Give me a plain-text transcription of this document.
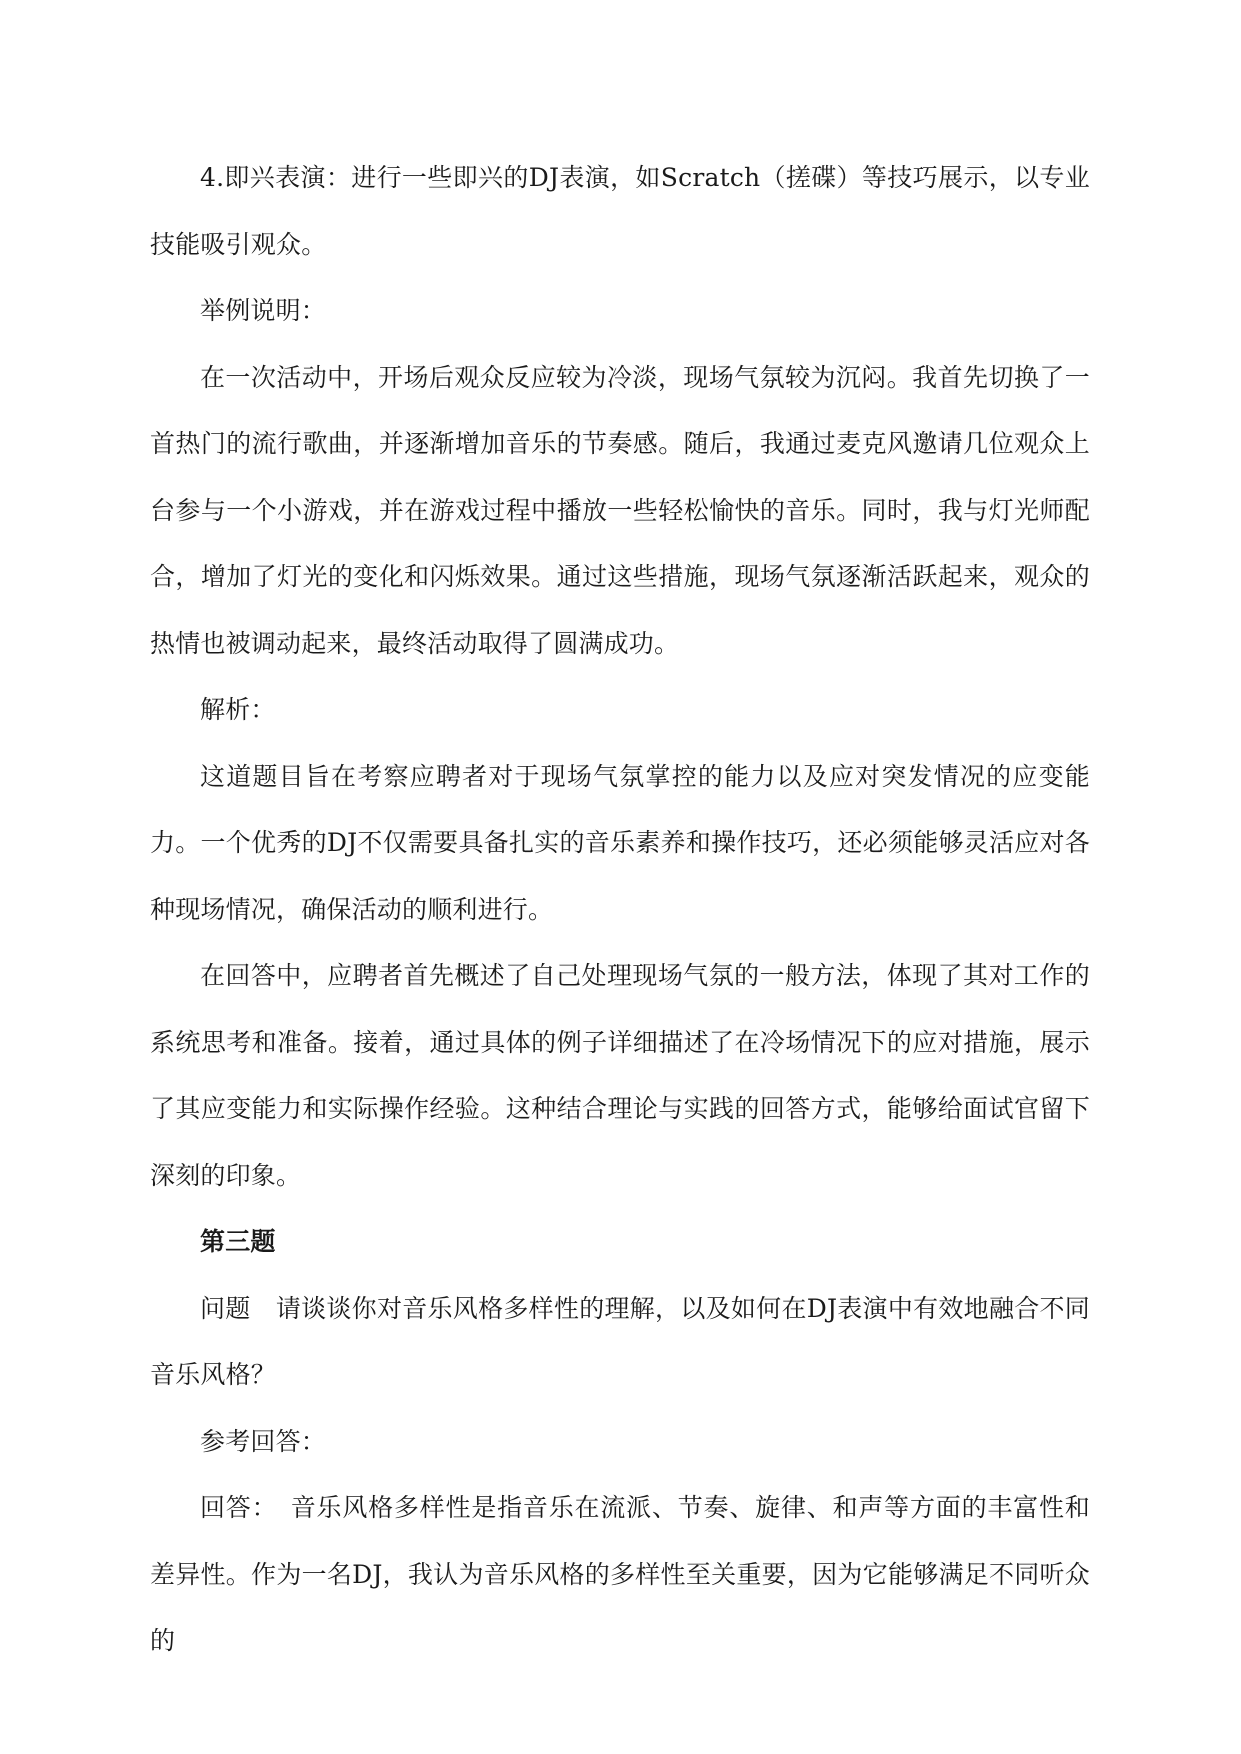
4.即兴表演：进行一些即兴的DJ表演，如Scratch（搓碟）等技巧展示，以专业技能吸引观众。

举例说明：

在一次活动中，开场后观众反应较为冷淡，现场气氛较为沉闷。我首先切换了一首热门的流行歌曲，并逐渐增加音乐的节奏感。随后，我通过麦克风邀请几位观众上台参与一个小游戏，并在游戏过程中播放一些轻松愉快的音乐。同时，我与灯光师配合，增加了灯光的变化和闪烁效果。通过这些措施，现场气氛逐渐活跃起来，观众的热情也被调动起来，最终活动取得了圆满成功。

解析：

这道题目旨在考察应聘者对于现场气氛掌控的能力以及应对突发情况的应变能力。一个优秀的DJ不仅需要具备扎实的音乐素养和操作技巧，还必须能够灵活应对各种现场情况，确保活动的顺利进行。

在回答中，应聘者首先概述了自己处理现场气氛的一般方法，体现了其对工作的系统思考和准备。接着，通过具体的例子详细描述了在冷场情况下的应对措施，展示了其应变能力和实际操作经验。这种结合理论与实践的回答方式，能够给面试官留下深刻的印象。

第三题

问题　请谈谈你对音乐风格多样性的理解，以及如何在DJ表演中有效地融合不同音乐风格？

参考回答：

回答：　音乐风格多样性是指音乐在流派、节奏、旋律、和声等方面的丰富性和差异性。作为一名DJ，我认为音乐风格的多样性至关重要，因为它能够满足不同听众的
